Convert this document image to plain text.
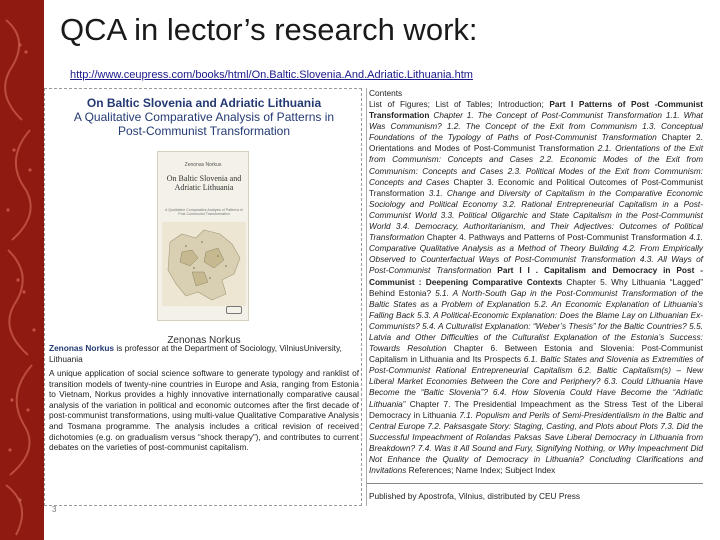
QCA in lector’s research work:
http://www.ceupress.com/books/html/On.Baltic.Slovenia.And.Adriatic.Lithuania.htm
On Baltic Slovenia and Adriatic Lithuania
A Qualitative Comparative Analysis of Patterns in Post-Communist Transformation
Zenonas Norkus
On Baltic Slovenia and Adriatic Lithuania
A Qualitative Comparative Analysis of Patterns in Post-Communist Transformation
Zenonas Norkus
Zenonas Norkus is professor at the Department of Sociology, VilniusUniversity, Lithuania
A unique application of social science software to generate typology and ranklist of transition models of twenty-nine countries in Europe and Asia, ranging from Estonia to Vietnam, Norkus provides a highly innovative internationally comparative causal analysis of the variation in political and economic outcomes after the first decade of post-communist transformations, using multi-value Qualitative Comparative Analysis and Tosmana programme. The analysis includes a critical revision of received dichotomies (e.g. on gradualism versus “shock therapy”), and contributes to current debates on the varieties of post-communist capitalism.
Contents
List of Figures; List of Tables; Introduction; Part I Patterns of Post -Communist Transformation Chapter 1. The Concept of Post-Communist Transformation 1.1. What Was Communism? 1.2. The Concept of the Exit from Communism 1.3. Conceptual Foundations of the Typology of Paths of Post-Communist Transformation Chapter 2. Orientations and Modes of Post-Communist Transformation 2.1. Orientations of the Exit from Communism: Concepts and Cases 2.2. Economic Modes of the Exit from Communism: Concepts and Cases 2.3. Political Modes of the Exit from Communism: Concepts and Cases Chapter 3. Economic and Political Outcomes of Post-Communist Transformation 3.1. Change and Diversity of Capitalism in the Comparative Economic Sociology and Political Economy 3.2. Rational Entrepreneurial Capitalism in a Post-Communist World 3.3. Political Oligarchic and State Capitalism in the Post-Communist World 3.4. Democracy, Authoritarianism, and Their Adjectives: Outcomes of Political Transformation Chapter 4. Pathways and Patterns of Post-Communist Transformation 4.1. Comparative Qualitative Analysis as a Method of Theory Building 4.2. From Empirically Observed to Counterfactual Ways of Post-Communist Transformation 4.3. All Ways of Post-Communist Transformation Part I I . Capitalism and Democracy in Post -Communist : Deepening Comparative Contexts Chapter 5. Why Lithuania “Lagged” Behind Estonia? 5.1. A North-South Gap in the Post-Communist Transformation of the Baltic States as a Problem of Explanation 5.2. An Economic Explanation of Lithuania’s Falling Back 5.3. A Political-Economic Explanation: Does the Blame Lay on Lithuanian Ex-Communists? 5.4. A Culturalist Explanation: “Weber’s Thesis” for the Baltic Countries? 5.5. Latvia and Other Difficulties of the Culturalist Explanation of the Estonia’s Success: Towards Resolution Chapter 6. Between Estonia and Slovenia: Post-Communist Capitalism in Lithuania and Its Prospects 6.1. Baltic States and Slovenia as Extremities of Post-Communist Rational Entrepreneurial Capitalism 6.2. Baltic Capitalism(s) – New Liberal Market Economies Between the Core and Periphery? 6.3. Could Lithuania Have Become the “Baltic Slovenia”? 6.4. How Slovenia Could Have Become the “Adriatic Lithuania” Chapter 7. The Presidential Impeachment as the Stress Test of the Liberal Democracy in Lithuania 7.1. Populism and Perils of Semi-Presidentialism in the Baltic and Central Europe 7.2. Paksasgate Story: Staging, Casting, and Plots about Plots 7.3. Did the Successful Impeachment of Rolandas Paksas Save Liberal Democracy in Lithuania from Breakdown? 7.4. Was it All Sound and Fury, Signifying Nothing, or Why Impeachment Did Not Enhance the Quality of Democracy in Lithuania? Concluding Clarifications and Invitations References; Name Index; Subject Index
Published by Apostrofa, Vilnius, distributed by CEU Press
3
